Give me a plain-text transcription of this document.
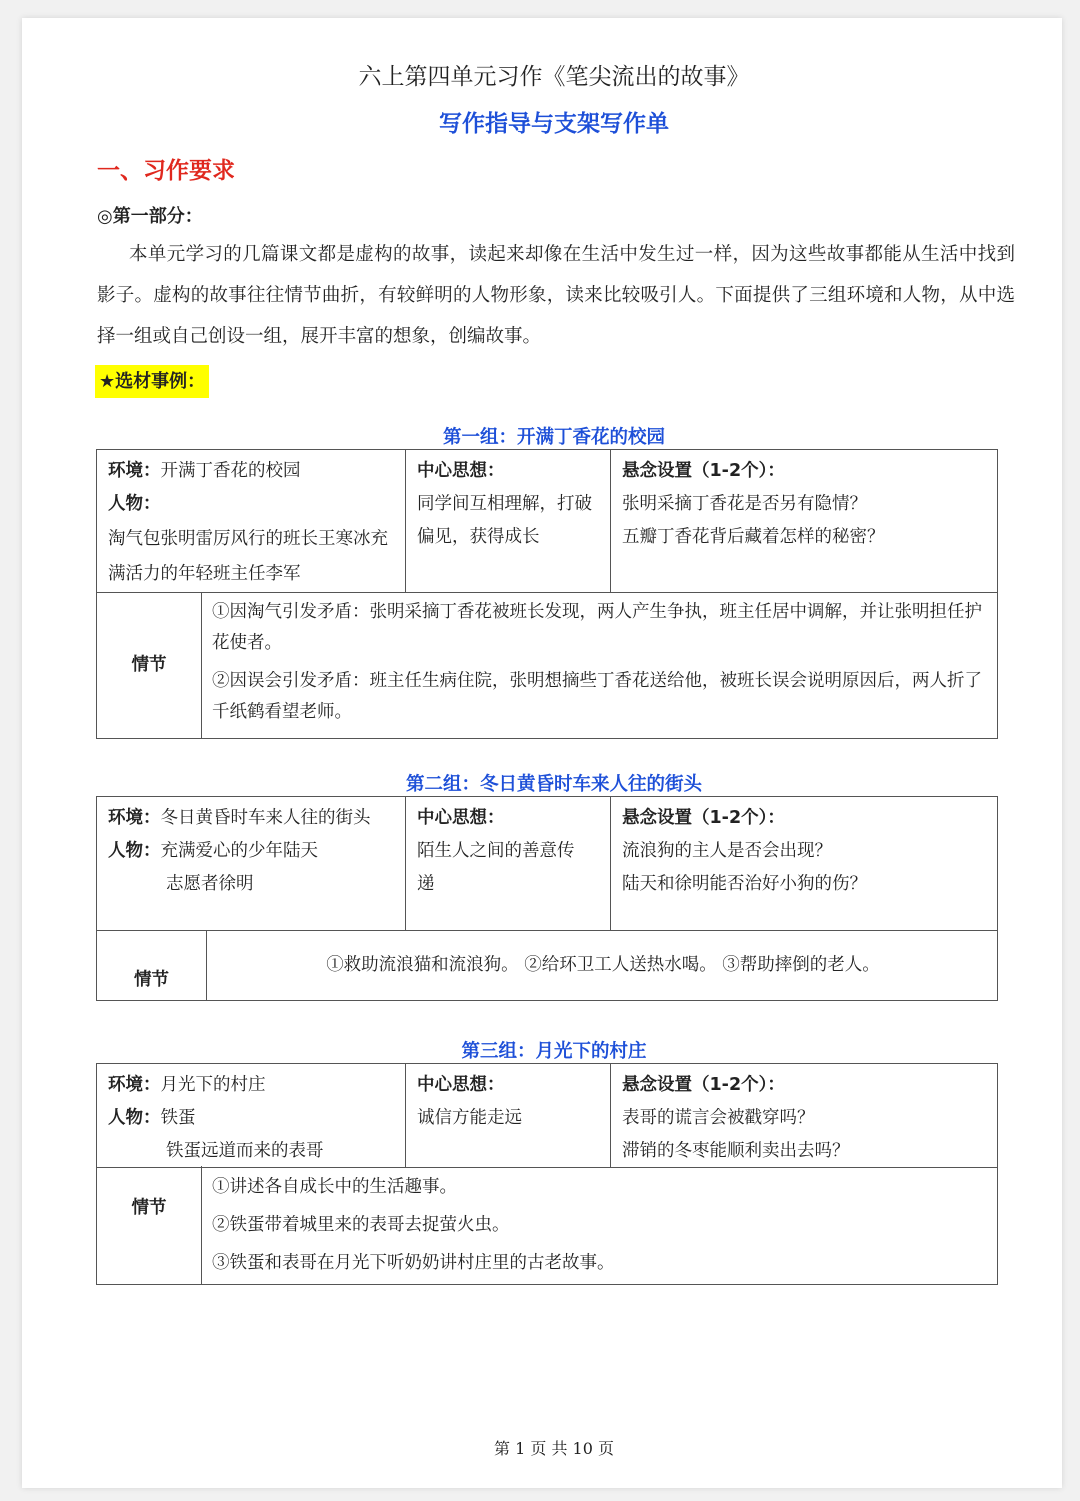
六上第四单元习作《笔尖流出的故事》
写作指导与支架写作单
一、习作要求
◎第一部分：
本单元学习的几篇课文都是虚构的故事，读起来却像在生活中发生过一样，因为这些故事都能从生活中找到影子。虚构的故事往往情节曲折，有较鲜明的人物形象，读来比较吸引人。下面提供了三组环境和人物，从中选择一组或自己创设一组，展开丰富的想象，创编故事。
★选材事例：
第一组：开满丁香花的校园
环境：开满丁香花的校园
人物：
淘气包张明雷厉风行的班长王寒冰充
满活力的年轻班主任李军
中心思想：
同学间互相理解，打破
偏见，获得成长
悬念设置（1-2个）：
张明采摘丁香花是否另有隐情？
五瓣丁香花背后藏着怎样的秘密？
情节
①因淘气引发矛盾：张明采摘丁香花被班长发现，两人产生争执，班主任居中调解，并让张明担任护花使者。
②因误会引发矛盾：班主任生病住院，张明想摘些丁香花送给他，被班长误会说明原因后，两人折了千纸鹤看望老师。
第二组：冬日黄昏时车来人往的街头
环境：冬日黄昏时车来人往的街头
人物：充满爱心的少年陆天
志愿者徐明
中心思想：
陌生人之间的善意传
递
悬念设置（1-2个）：
流浪狗的主人是否会出现？
陆天和徐明能否治好小狗的伤？
情节
①救助流浪猫和流浪狗。 ②给环卫工人送热水喝。 ③帮助摔倒的老人。
第三组：月光下的村庄
环境：月光下的村庄
人物：铁蛋
铁蛋远道而来的表哥
中心思想：
诚信方能走远
悬念设置（1-2个）：
表哥的谎言会被戳穿吗？
滞销的冬枣能顺利卖出去吗？
情节
①讲述各自成长中的生活趣事。
②铁蛋带着城里来的表哥去捉萤火虫。
③铁蛋和表哥在月光下听奶奶讲村庄里的古老故事。
第 1 页 共 10 页
